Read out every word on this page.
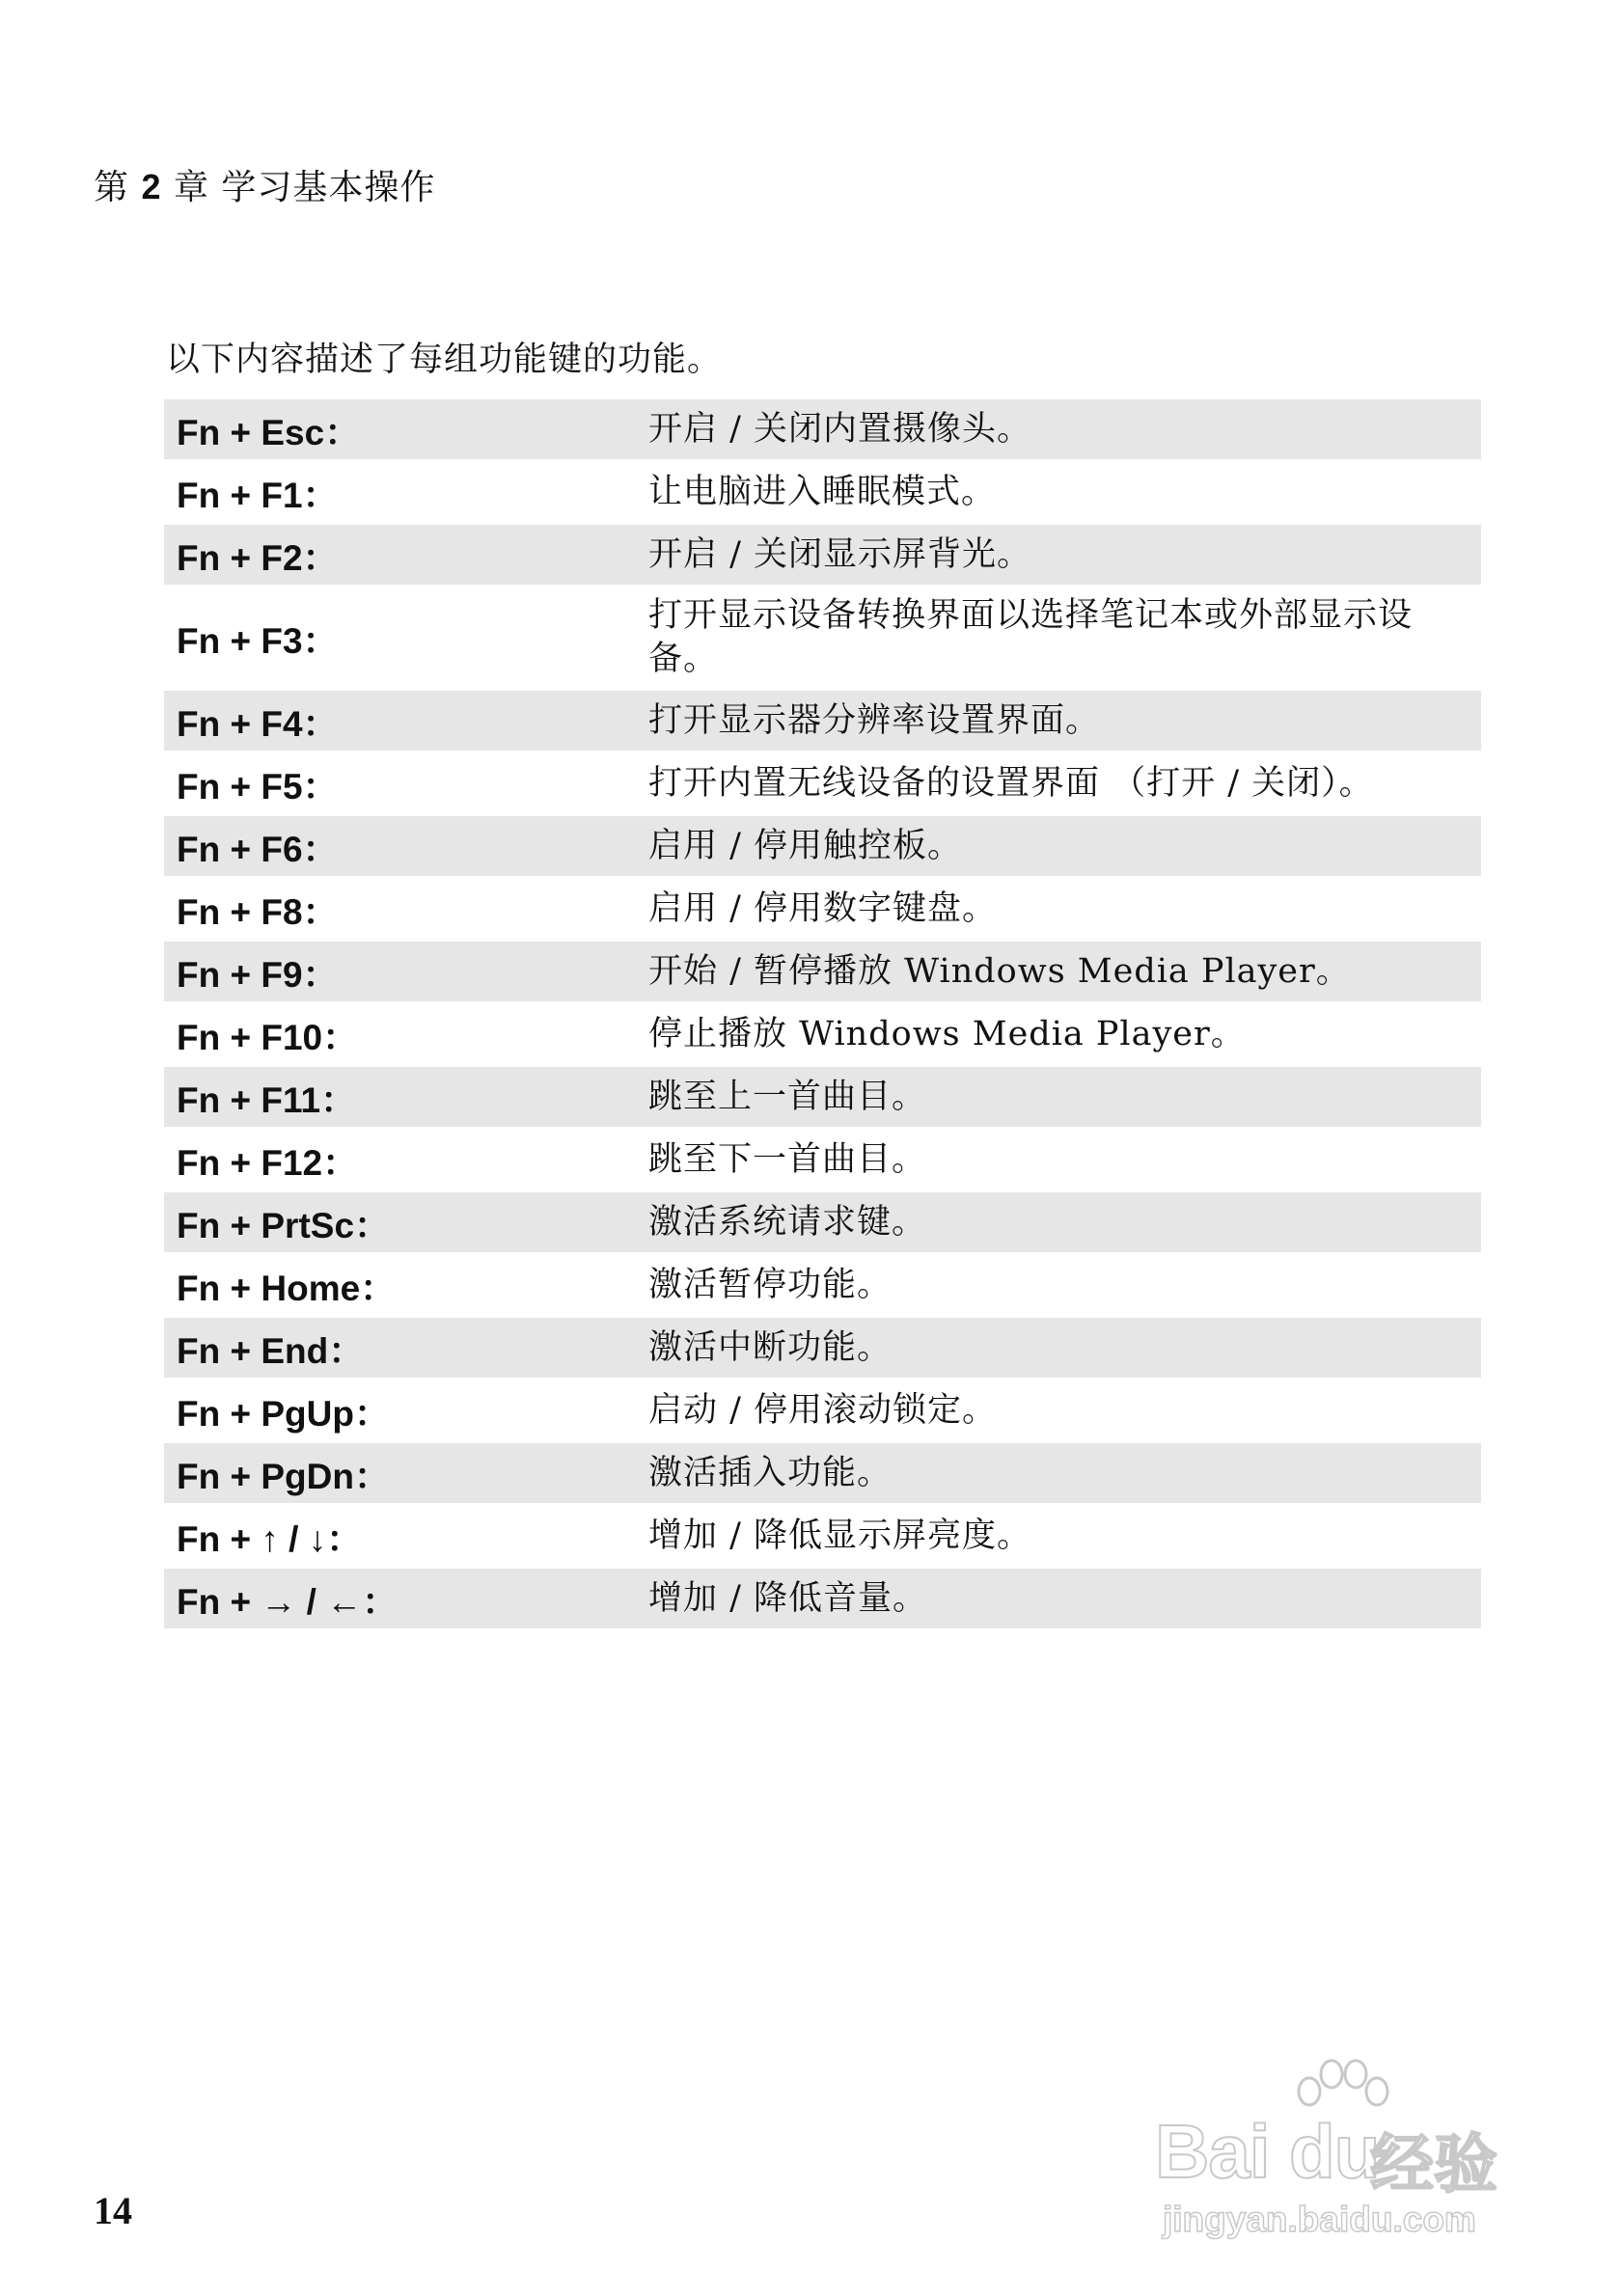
第 2 章 学习基本操作
以下内容描述了每组功能键的功能。
Fn + Esc：	开启 / 关闭内置摄像头。
Fn + F1：	让电脑进入睡眠模式。
Fn + F2：	开启 / 关闭显示屏背光。
Fn + F3：	打开显示设备转换界面以选择笔记本或外部显示设备。
Fn + F4：	打开显示器分辨率设置界面。
Fn + F5：	打开内置无线设备的设置界面 （打开 / 关闭）。
Fn + F6：	启用 / 停用触控板。
Fn + F8：	启用 / 停用数字键盘。
Fn + F9：	开始 / 暂停播放 Windows Media Player。
Fn + F10：	停止播放 Windows Media Player。
Fn + F11：	跳至上一首曲目。
Fn + F12：	跳至下一首曲目。
Fn + PrtSc：	激活系统请求键。
Fn + Home：	激活暂停功能。
Fn + End：	激活中断功能。
Fn + PgUp：	启动 / 停用滚动锁定。
Fn + PgDn：	激活插入功能。
Fn + ↑ / ↓：	增加 / 降低显示屏亮度。
Fn + → / ←：	增加 / 降低音量。
14
Bai du
经验
jingyan.baidu.com
